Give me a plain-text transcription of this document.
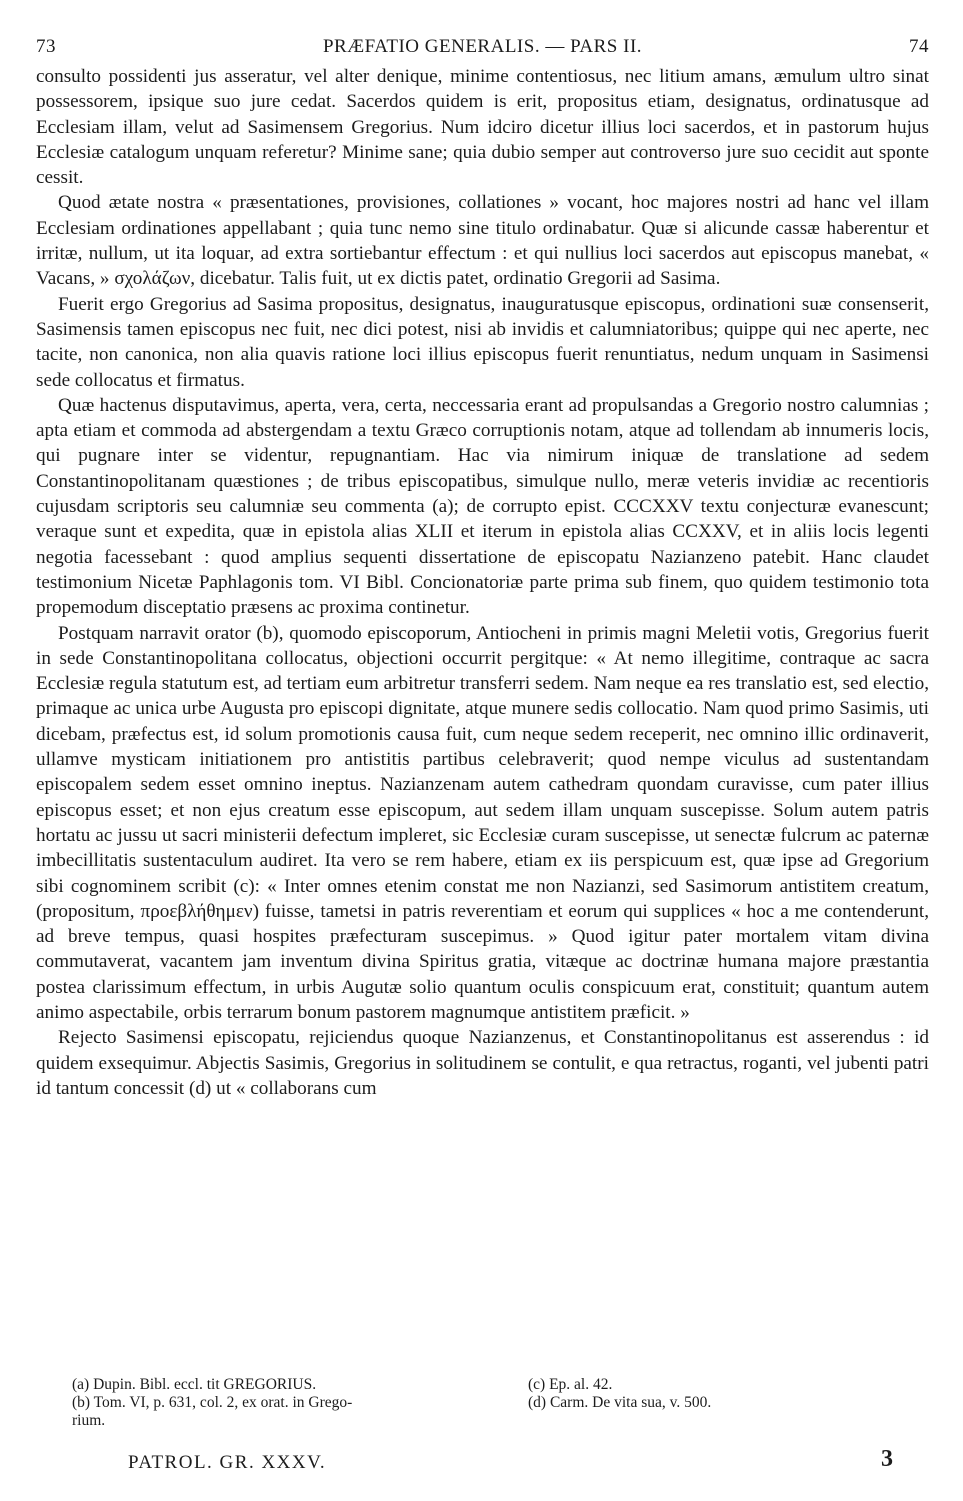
73	PRÆFATIO GENERALIS. — PARS II.	74

consulto possidenti jus asseratur, vel alter denique, minime contentiosus, nec litium amans, æmulum ultro sinat possessorem, ipsique suo jure cedat. Sacerdos quidem is erit, propositus etiam, designatus, ordinatusque ad Ecclesiam illam, velut ad Sasimensem Gregorius. Num idciro dicetur illius loci sacerdos, et in pastorum hujus Ecclesiæ catalogum unquam referetur? Minime sane; quia dubio semper aut controverso jure suo cecidit aut sponte cessit.

Quod ætate nostra « præsentationes, provisiones, collationes » vocant, hoc majores nostri ad hanc vel illam Ecclesiam ordinationes appellabant ; quia tunc nemo sine titulo ordinabatur. Quæ si alicunde cassæ haberentur et irritæ, nullum, ut ita loquar, ad extra sortiebantur effectum : et qui nullius loci sacerdos aut episcopus manebat, « Vacans, » σχολάζων, dicebatur. Talis fuit, ut ex dictis patet, ordinatio Gregorii ad Sasima.

Fuerit ergo Gregorius ad Sasima propositus, designatus, inauguratusque episcopus, ordinationi suæ consenserit, Sasimensis tamen episcopus nec fuit, nec dici potest, nisi ab invidis et calumniatoribus; quippe qui nec aperte, nec tacite, non canonica, non alia quavis ratione loci illius episcopus fuerit renuntiatus, nedum unquam in Sasimensi sede collocatus et firmatus.

Quæ hactenus disputavimus, aperta, vera, certa, neccessaria erant ad propulsandas a Gregorio nostro calumnias ; apta etiam et commoda ad abstergendam a textu Græco corruptionis notam, atque ad tollendam ab innumeris locis, qui pugnare inter se videntur, repugnantiam. Hac via nimirum iniquæ de translatione ad sedem Constantinopolitanam quæstiones ; de tribus episcopatibus, simulque nullo, meræ veteris invidiæ ac recentioris cujusdam scriptoris seu calumniæ seu commenta (a); de corrupto epist. CCCXXV textu conjecturæ evanescunt; veraque sunt et expedita, quæ in epistola alias XLII et iterum in epistola alias CCXXV, et in aliis locis legenti negotia facessebant : quod amplius sequenti dissertatione de episcopatu Nazianzeno patebit. Hanc claudet testimonium Nicetæ Paphlagonis tom. VI Bibl. Concionatoriæ parte prima sub finem, quo quidem testimonio tota propemodum disceptatio præsens ac proxima continetur.

Postquam narravit orator (b), quomodo episcoporum, Antiocheni in primis magni Meletii votis, Gregorius fuerit in sede Constantinopolitana collocatus, objectioni occurrit pergitque: « At nemo illegitime, contraque ac sacra Ecclesiæ regula statutum est, ad tertiam eum arbitretur transferri sedem. Nam neque ea res translatio est, sed electio, primaque ac unica urbe Augusta pro episcopi dignitate, atque munere sedis collocatio. Nam quod primo Sasimis, uti dicebam, præfectus est, id solum promotionis causa fuit, cum neque sedem receperit, nec omnino illic ordinaverit, ullamve mysticam initiationem pro antistitis partibus celebraverit; quod nempe viculus ad sustentandam episcopalem sedem esset omnino ineptus. Nazianzenam autem cathedram quondam curavisse, cum pater illius episcopus esset; et non ejus creatum esse episcopum, aut sedem illam unquam suscepisse. Solum autem patris hortatu ac jussu ut sacri ministerii defectum impleret, sic Ecclesiæ curam suscepisse, ut senectæ fulcrum ac paternæ imbecillitatis sustentaculum audiret. Ita vero se rem habere, etiam ex iis perspicuum est, quæ ipse ad Gregorium sibi cognominem scribit (c): « Inter omnes etenim constat me non Nazianzi, sed Sasimorum antistitem creatum, (propositum, προεβλήθημεν) fuisse, tametsi in patris reverentiam et eorum qui supplices « hoc a me contenderunt, ad breve tempus, quasi hospites præfecturam suscepimus. » Quod igitur pater mortalem vitam divina commutaverat, vacantem jam inventum divina Spiritus gratia, vitæque ac doctrinæ humana majore præstantia postea clarissimum effectum, in urbis Augutæ solio quantum oculis conspicuum erat, constituit; quantum autem animo aspectabile, orbis terrarum bonum pastorem magnumque antistitem præficit. »

Rejecto Sasimensi episcopatu, rejiciendus quoque Nazianzenus, et Constantinopolitanus est asserendus : id quidem exsequimur. Abjectis Sasimis, Gregorius in solitudinem se contulit, e qua retractus, roganti, vel jubenti patri id tantum concessit (d) ut « collaborans cum

(a) Dupin. Bibl. eccl. tit GREGORIUS.
(b) Tom. VI, p. 631, col. 2, ex orat. in Grego-
rium.
(c) Ep. al. 42.
(d) Carm. De vita sua, v. 500.
PATROL. GR. XXXV.	3
